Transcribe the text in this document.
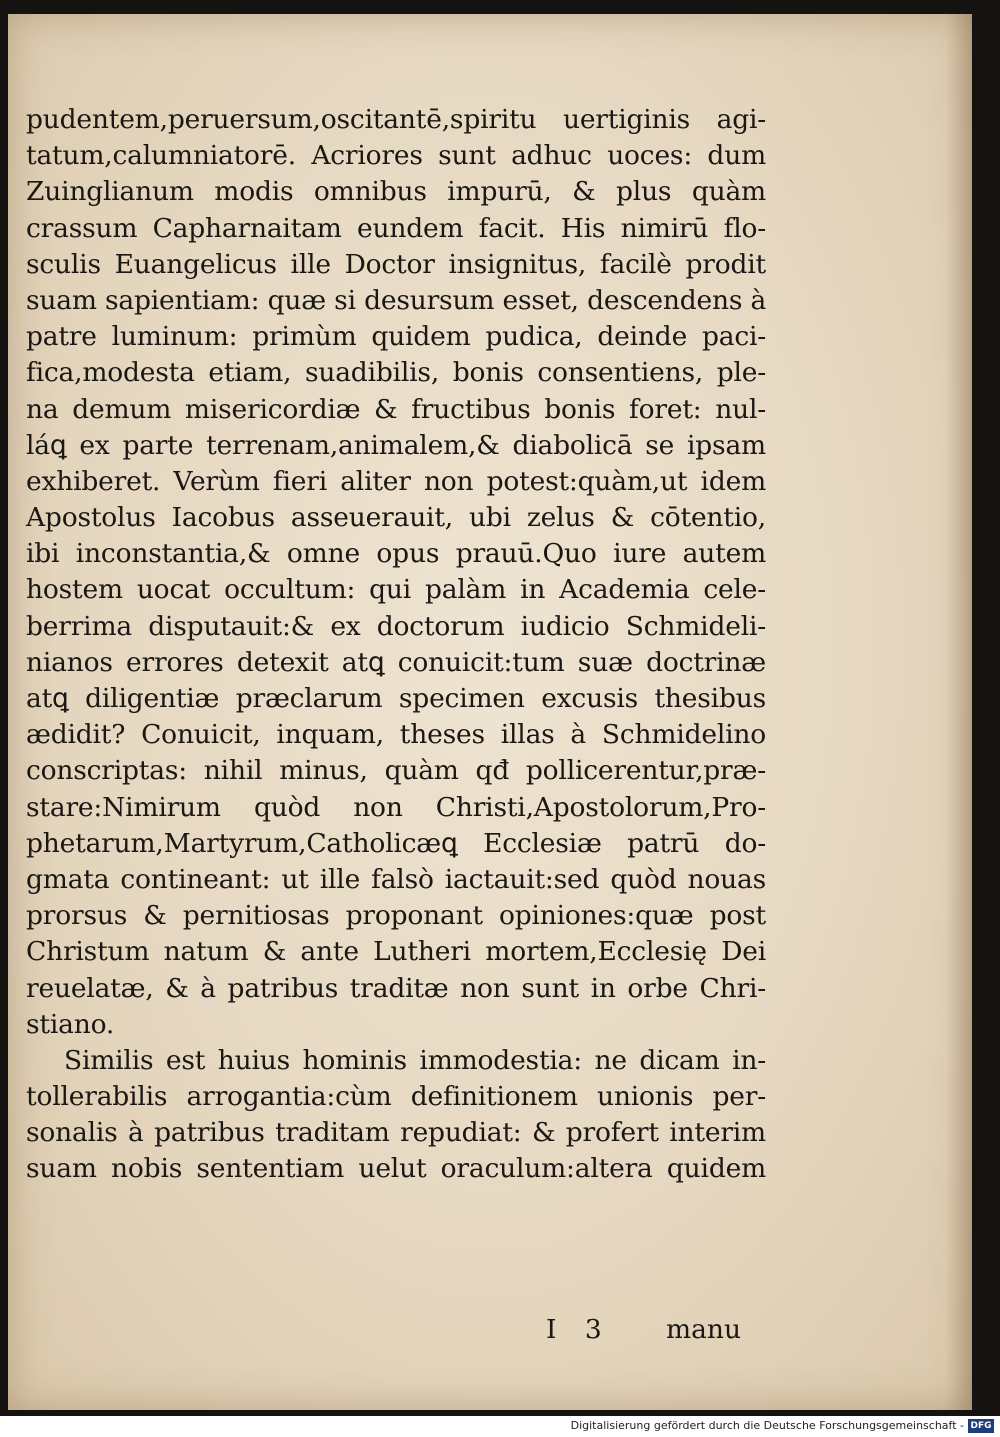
pudentem,peruersum,oscitantē,spiritu uertiginis agi-
tatum,calumniatorē. Acriores sunt adhuc uoces: dum
Zuinglianum modis omnibus impurū, & plus quàm
crassum Capharnaitam eundem facit. His nimirū flo-
sculis Euangelicus ille Doctor insignitus, facilè prodit
suam sapientiam: quæ si desursum esset, descendens à
patre luminum: primùm quidem pudica, deinde paci-
fica,modesta etiam, suadibilis, bonis consentiens, ple-
na demum misericordiæ & fructibus bonis foret: nul-
láꝗ ex parte terrenam,animalem,& diabolicā se ipsam
exhiberet. Verùm fieri aliter non potest:quàm,ut idem
Apostolus Iacobus asseuerauit, ubi zelus & cōtentio,
ibi inconstantia,& omne opus prauū.Quo iure autem
hostem uocat occultum: qui palàm in Academia cele-
berrima disputauit:& ex doctorum iudicio Schmideli-
nianos errores detexit atꝗ conuicit:tum suæ doctrinæ
atꝗ diligentiæ præclarum specimen excusis thesibus
ædidit? Conuicit, inquam, theses illas à Schmidelino
conscriptas: nihil minus, quàm qđ pollicerentur,præ-
stare:Nimirum quòd non Christi,Apostolorum,Pro-
phetarum,Martyrum,Catholicæꝗ Ecclesiæ patrū do-
gmata contineant: ut ille falsò iactauit:sed quòd nouas
prorsus & pernitiosas proponant opiniones:quæ post
Christum natum & ante Lutheri mortem,Ecclesię Dei
reuelatæ, & à patribus traditæ non sunt in orbe Chri-
stiano.
Similis est huius hominis immodestia: ne dicam in-
tollerabilis arrogantia:cùm definitionem unionis per-
sonalis à patribus traditam repudiat: & profert interim
suam nobis sententiam uelut oraculum:altera quidem
I 3 manu
Digitalisierung gefördert durch die Deutsche Forschungsgemeinschaft - DFG
